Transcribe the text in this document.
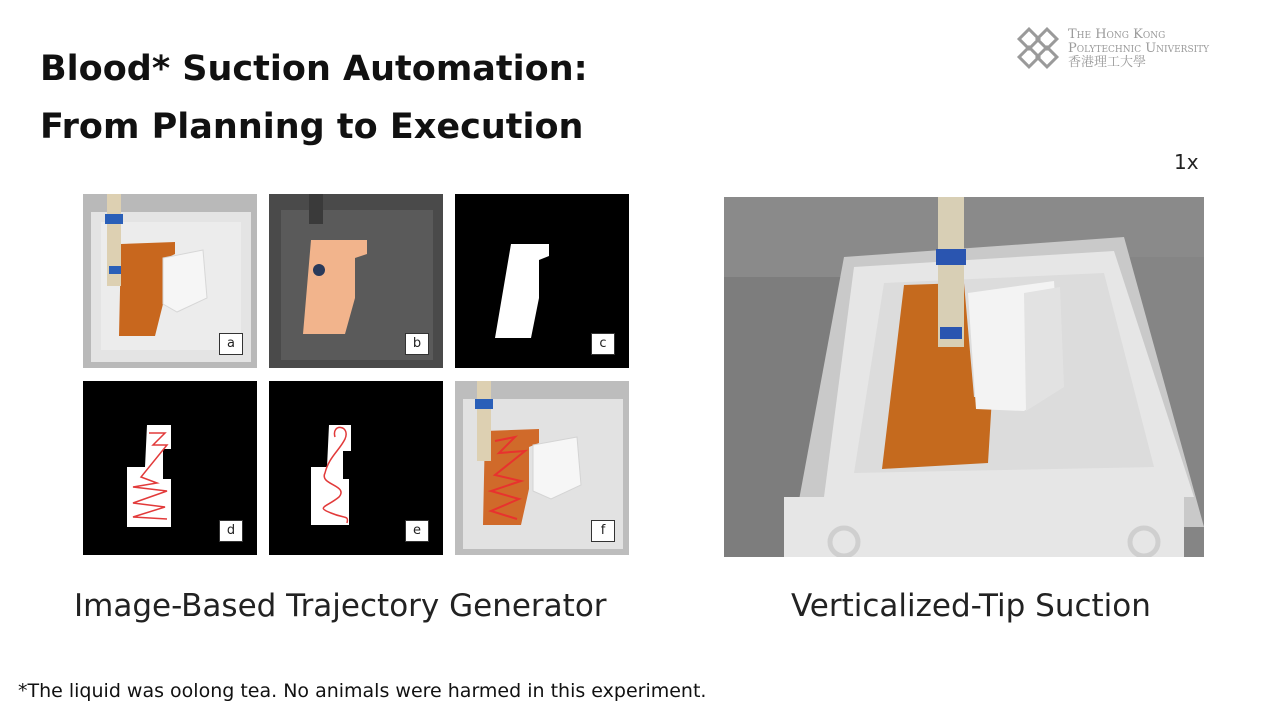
Blood* Suction Automation:
From Planning to Execution
The Hong Kong
Polytechnic University
香港理工大學
1x
a	b	c
d	e	f
Image-Based Trajectory Generator	Verticalized-Tip Suction
*The liquid was oolong tea. No animals were harmed in this experiment.
